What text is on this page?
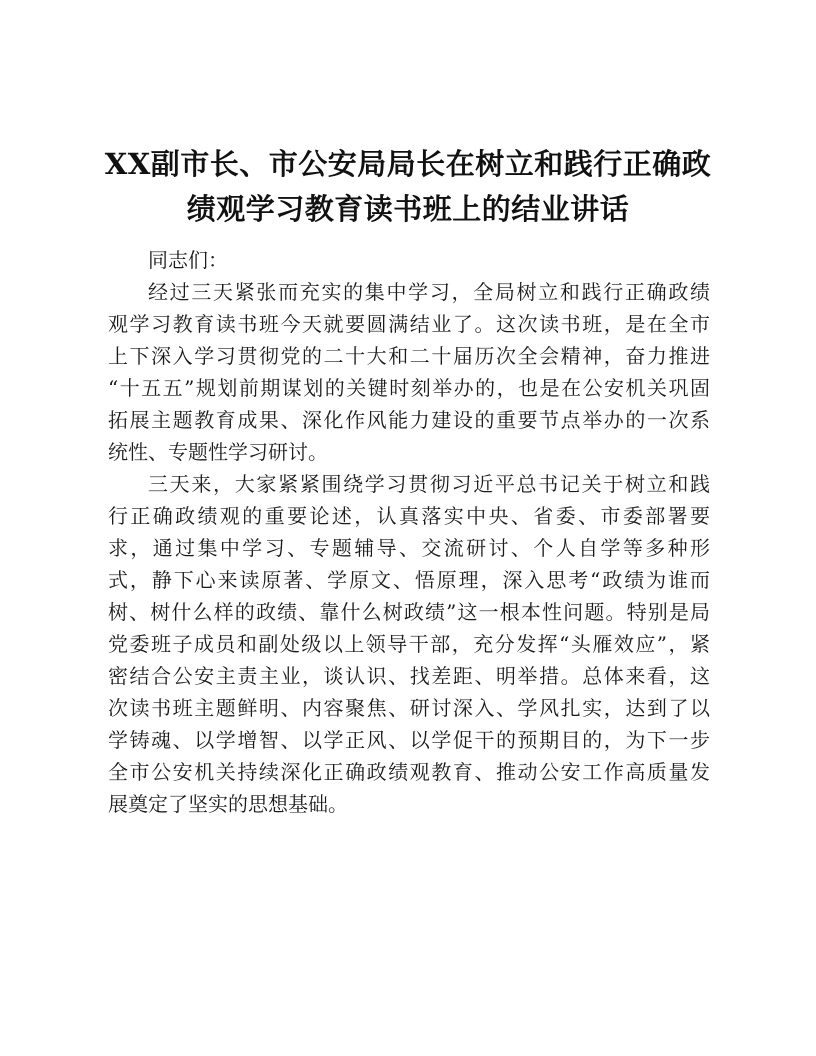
XX副市长、市公安局局长在树立和践行正确政
绩观学习教育读书班上的结业讲话
同志们：
经过三天紧张而充实的集中学习，全局树立和践行正确政绩
观学习教育读书班今天就要圆满结业了。这次读书班，是在全市
上下深入学习贯彻党的二十大和二十届历次全会精神，奋力推进
“十五五”规划前期谋划的关键时刻举办的，也是在公安机关巩固
拓展主题教育成果、深化作风能力建设的重要节点举办的一次系
统性、专题性学习研讨。
三天来，大家紧紧围绕学习贯彻习近平总书记关于树立和践
行正确政绩观的重要论述，认真落实中央、省委、市委部署要
求，通过集中学习、专题辅导、交流研讨、个人自学等多种形
式，静下心来读原著、学原文、悟原理，深入思考“政绩为谁而
树、树什么样的政绩、靠什么树政绩”这一根本性问题。特别是局
党委班子成员和副处级以上领导干部，充分发挥“头雁效应”，紧
密结合公安主责主业，谈认识、找差距、明举措。总体来看，这
次读书班主题鲜明、内容聚焦、研讨深入、学风扎实，达到了以
学铸魂、以学增智、以学正风、以学促干的预期目的，为下一步
全市公安机关持续深化正确政绩观教育、推动公安工作高质量发
展奠定了坚实的思想基础。
